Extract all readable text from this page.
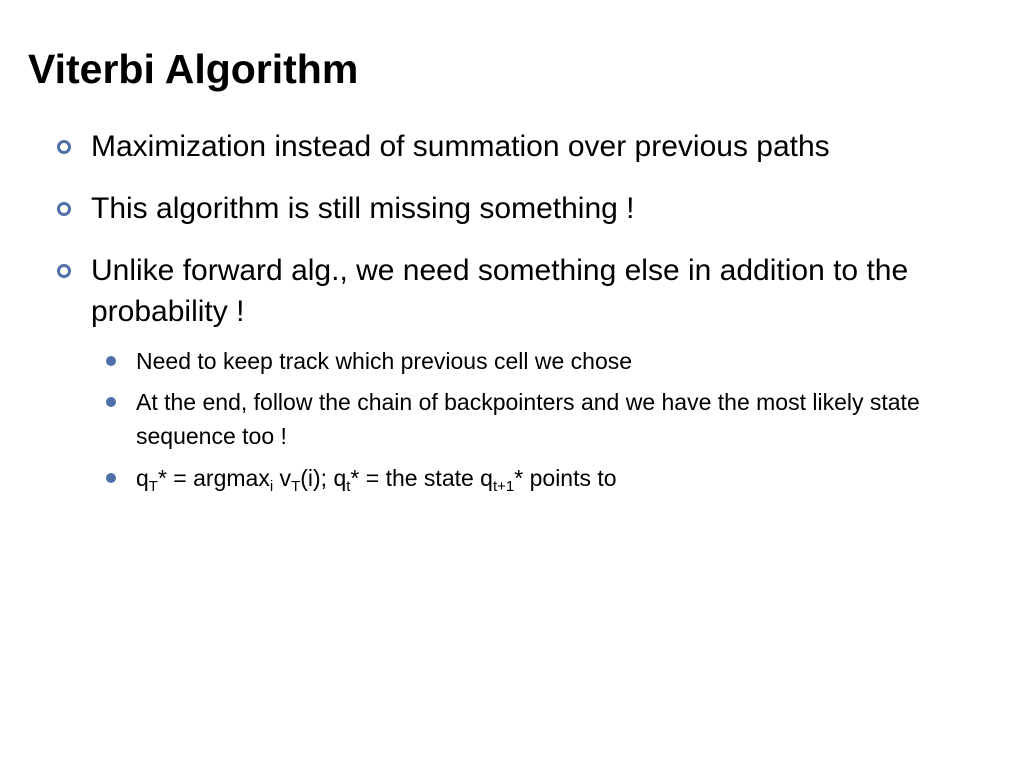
Viterbi Algorithm
Maximization instead of summation over previous paths
This algorithm is still missing something !
Unlike forward alg., we need something else in addition to the probability !
Need to keep track which previous cell we chose
At the end, follow the chain of backpointers and we have the most likely state sequence too !
$q_T* = argmax_i$ $v_T(i)$; $q_t*$ = the state $q_{t+1}*$ points to
